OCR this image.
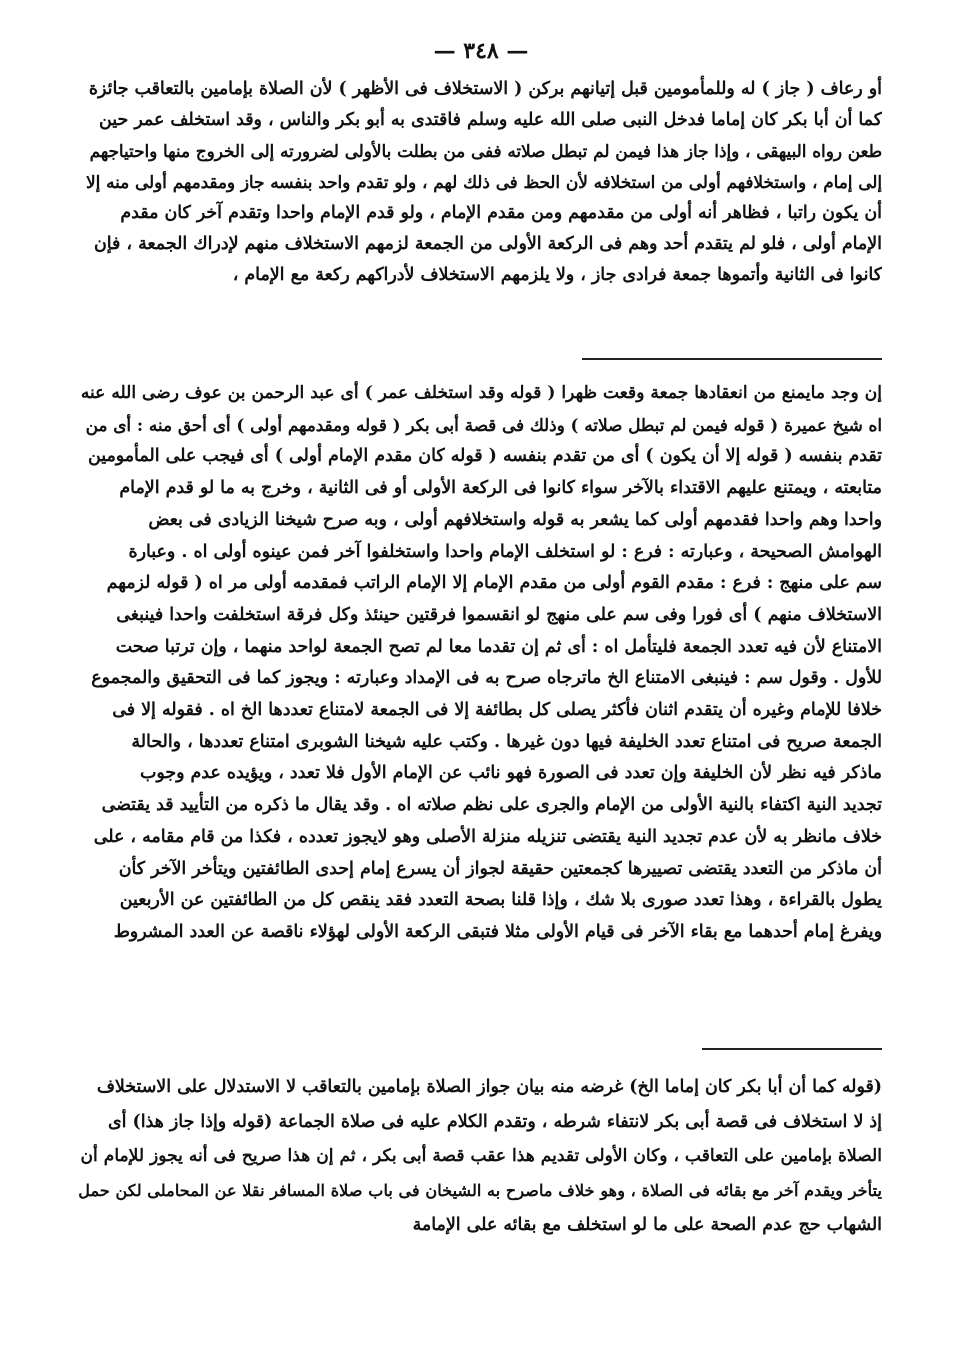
— ٣٤٨ —
أو رعاف ( جاز ) له وللمأمومين قبل إتيانهم بركن ( الاستخلاف فى الأظهر ) لأن الصلاة بإمامين بالتعاقب جائزة
كما أن أبا بكر كان إماما فدخل النبى صلى الله عليه وسلم فاقتدى به أبو بكر والناس ، وقد استخلف عمر حين
طعن رواه البيهقى ، وإذا جاز هذا فيمن لم تبطل صلاته ففى من بطلت بالأولى لضرورته إلى الخروج منها واحتياجهم
إلى إمام ، واستخلافهم أولى من استخلافه لأن الحظ فى ذلك لهم ، ولو تقدم واحد بنفسه جاز ومقدمهم أولى منه إلا
أن يكون راتبا ، فظاهر أنه أولى من مقدمهم ومن مقدم الإمام ، ولو قدم الإمام واحدا وتقدم آخر كان مقدم
الإمام أولى ، فلو لم يتقدم أحد وهم فى الركعة الأولى من الجمعة لزمهم الاستخلاف منهم لإدراك الجمعة ، فإن
كانوا فى الثانية وأتموها جمعة فرادى جاز ، ولا يلزمهم الاستخلاف لأدراكهم ركعة مع الإمام ،
إن وجد مايمنع من انعقادها جمعة وقعت ظهرا ( قوله وقد استخلف عمر ) أى عبد الرحمن بن عوف رضى الله عنه
اه شيخ عميرة ( قوله فيمن لم تبطل صلاته ) وذلك فى قصة أبى بكر ( قوله ومقدمهم أولى ) أى أحق منه : أى من
تقدم بنفسه ( قوله إلا أن يكون ) أى من تقدم بنفسه ( قوله كان مقدم الإمام أولى ) أى فيجب على المأمومين
متابعته ، ويمتنع عليهم الاقتداء بالآخر سواء كانوا فى الركعة الأولى أو فى الثانية ، وخرج به ما لو قدم الإمام
واحدا وهم واحدا فقدمهم أولى كما يشعر به قوله واستخلافهم أولى ، وبه صرح شيخنا الزيادى فى بعض
الهوامش الصحيحة ، وعبارته : فرع : لو استخلف الإمام واحدا واستخلفوا آخر فمن عينوه أولى اه . وعبارة
سم على منهج : فرع : مقدم القوم أولى من مقدم الإمام إلا الإمام الراتب فمقدمه أولى مر اه ( قوله لزمهم
الاستخلاف منهم ) أى فورا وفى سم على منهج لو انقسموا فرقتين حينئذ وكل فرقة استخلفت واحدا فينبغى
الامتناع لأن فيه تعدد الجمعة فليتأمل اه : أى ثم إن تقدما معا لم تصح الجمعة لواحد منهما ، وإن ترتبا صحت
للأول . وقول سم : فينبغى الامتناع الخ ماترجاه صرح به فى الإمداد وعبارته : ويجوز كما فى التحقيق والمجموع
خلافا للإمام وغيره أن يتقدم اثنان فأكثر يصلى كل بطائفة إلا فى الجمعة لامتناع تعددها الخ اه . فقوله إلا فى
الجمعة صريح فى امتناع تعدد الخليفة فيها دون غيرها . وكتب عليه شيخنا الشوبرى امتناع تعددها ، والحالة
ماذكر فيه نظر لأن الخليفة وإن تعدد فى الصورة فهو نائب عن الإمام الأول فلا تعدد ، ويؤيده عدم وجوب
تجديد النية اكتفاء بالنية الأولى من الإمام والجرى على نظم صلاته اه . وقد يقال ما ذكره من التأييد قد يقتضى
خلاف مانظر به لأن عدم تجديد النية يقتضى تنزيله منزلة الأصلى وهو لايجوز تعدده ، فكذا من قام مقامه ، على
أن ماذكر من التعدد يقتضى تصييرها كجمعتين حقيقة لجواز أن يسرع إمام إحدى الطائفتين ويتأخر الآخر كأن
يطول بالقراءة ، وهذا تعدد صورى بلا شك ، وإذا قلنا بصحة التعدد فقد ينقص كل من الطائفتين عن الأربعين
ويفرغ إمام أحدهما مع بقاء الآخر فى قيام الأولى مثلا فتبقى الركعة الأولى لهؤلاء ناقصة عن العدد المشروط
(قوله كما أن أبا بكر كان إماما الخ) غرضه منه بيان جواز الصلاة بإمامين بالتعاقب لا الاستدلال على الاستخلاف
إذ لا استخلاف فى قصة أبى بكر لانتفاء شرطه ، وتقدم الكلام عليه فى صلاة الجماعة (قوله وإذا جاز هذا) أى
الصلاة بإمامين على التعاقب ، وكان الأولى تقديم هذا عقب قصة أبى بكر ، ثم إن هذا صريح فى أنه يجوز للإمام أن
يتأخر ويقدم آخر مع بقائه فى الصلاة ، وهو خلاف ماصرح به الشيخان فى باب صلاة المسافر نقلا عن المحاملى لكن حمل
الشهاب حج عدم الصحة على ما لو استخلف مع بقائه على الإمامة
